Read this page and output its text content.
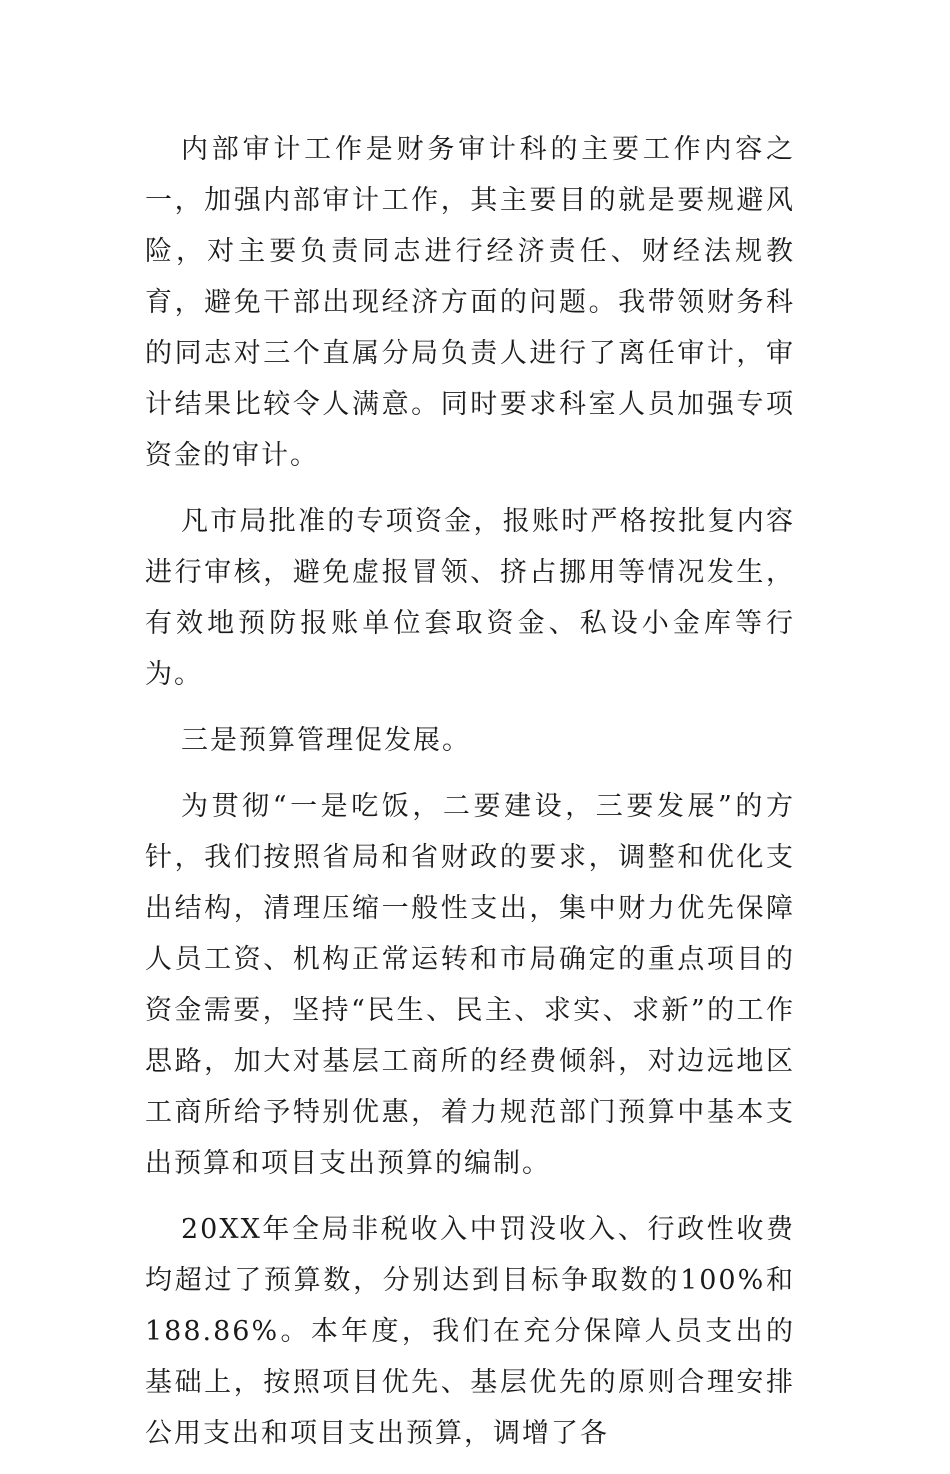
内部审计工作是财务审计科的主要工作内容之一，加强内部审计工作，其主要目的就是要规避风险，对主要负责同志进行经济责任、财经法规教育，避免干部出现经济方面的问题。我带领财务科的同志对三个直属分局负责人进行了离任审计，审计结果比较令人满意。同时要求科室人员加强专项资金的审计。

凡市局批准的专项资金，报账时严格按批复内容进行审核，避免虚报冒领、挤占挪用等情况发生，有效地预防报账单位套取资金、私设小金库等行为。

三是预算管理促发展。

为贯彻“一是吃饭，二要建设，三要发展”的方针，我们按照省局和省财政的要求，调整和优化支出结构，清理压缩一般性支出，集中财力优先保障人员工资、机构正常运转和市局确定的重点项目的资金需要，坚持“民生、民主、求实、求新”的工作思路，加大对基层工商所的经费倾斜，对边远地区工商所给予特别优惠，着力规范部门预算中基本支出预算和项目支出预算的编制。

20XX年全局非税收入中罚没收入、行政性收费均超过了预算数，分别达到目标争取数的100%和188.86%。本年度，我们在充分保障人员支出的基础上，按照项目优先、基层优先的原则合理安排公用支出和项目支出预算，调增了各
